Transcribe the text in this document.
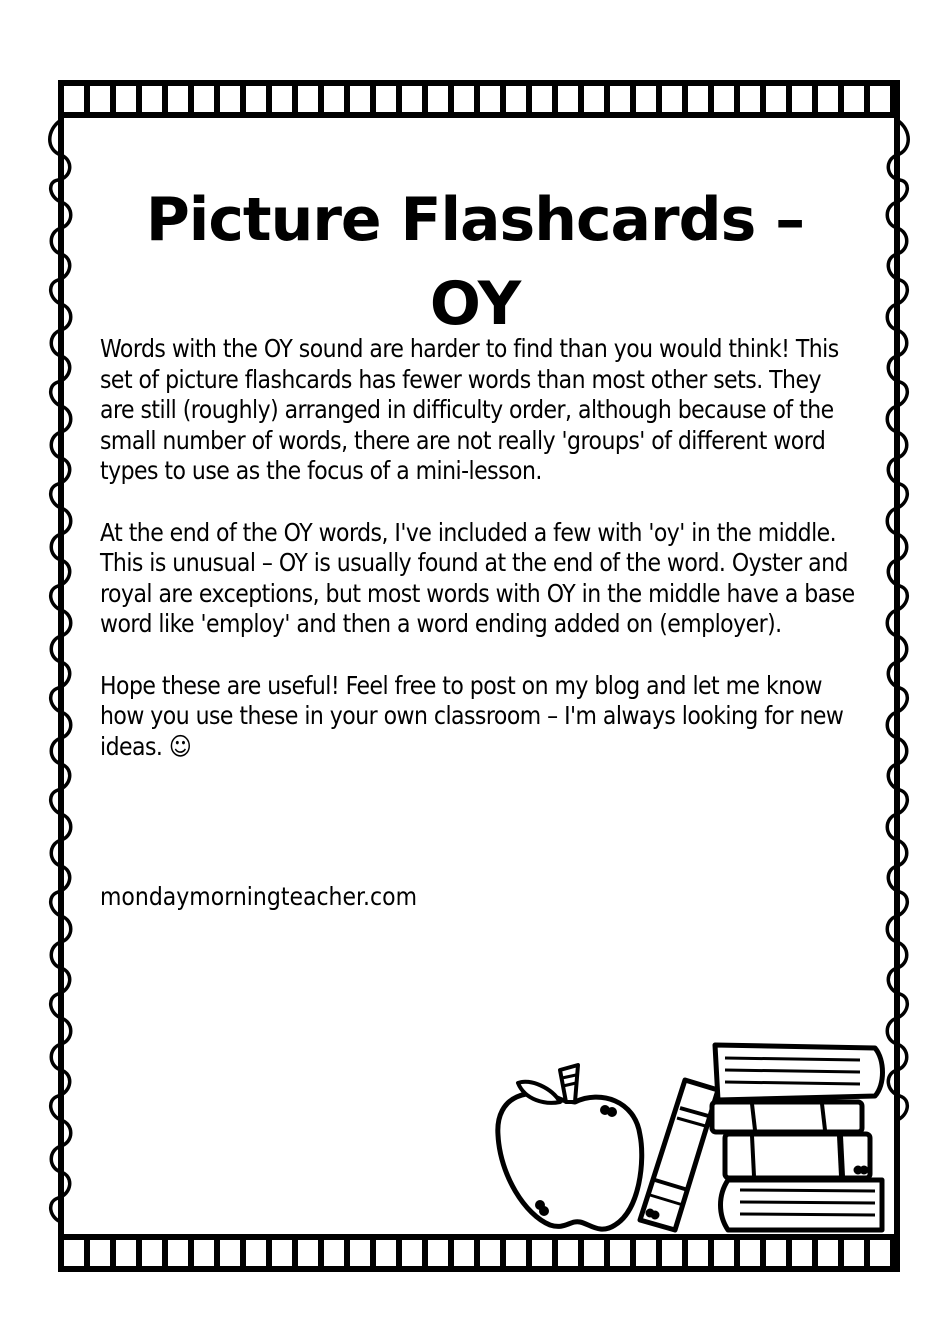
Picture Flashcards –
OY

Words with the OY sound are harder to find than you would think! This set of picture flashcards has fewer words than most other sets. They are still (roughly) arranged in difficulty order, although because of the small number of words, there are not really 'groups' of different word types to use as the focus of a mini-lesson.

At the end of the OY words, I've included a few with 'oy' in the middle. This is unusual – OY is usually found at the end of the word. Oyster and royal are exceptions, but most words with OY in the middle have a base word like 'employ' and then a word ending added on (employer).

Hope these are useful! Feel free to post on my blog and let me know how you use these in your own classroom – I'm always looking for new ideas. ☺

mondaymorningteacher.com
